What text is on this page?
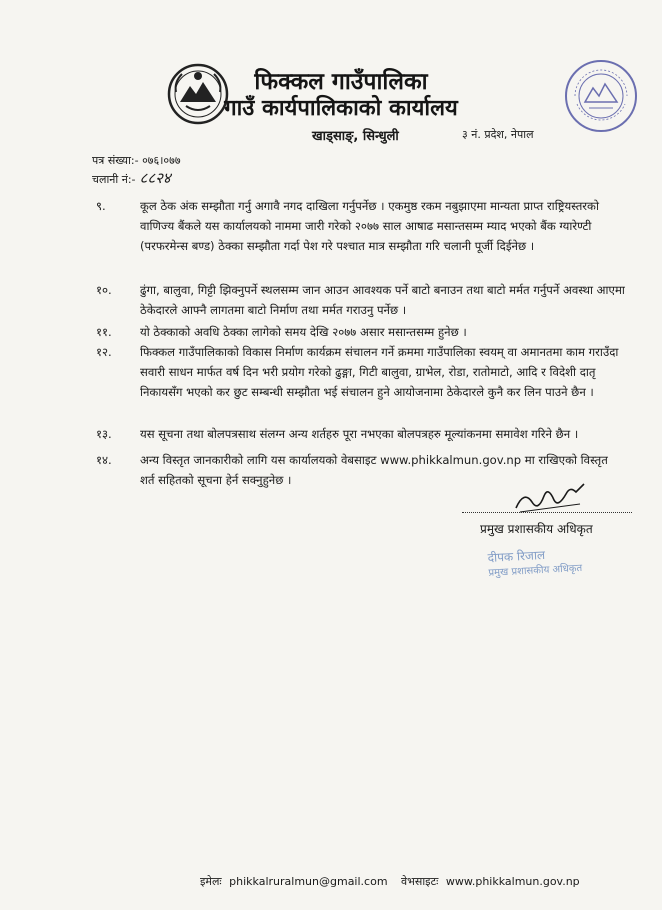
फिक्कल गाउँपालिका
गाउँ कार्यपालिकाको कार्यालय
खाड्साङ्, सिन्धुली	३ नं. प्रदेश, नेपाल
पत्र संख्या:- ०७६।०७७
चलानी नं:- ८८२४
९.	कूल ठेक अंक सम्झौता गर्नु अगावै नगद दाखिला गर्नुपर्नेछ । एकमुष्ठ रकम नबुझाएमा मान्यता प्राप्त राष्ट्रियस्तरको वाणिज्य बैंकले यस कार्यालयको नाममा जारी गरेको २०७७ साल आषाढ मसान्तसम्म म्याद भएको बैंक ग्यारेण्टी (परफरमेन्स बण्ड) ठेक्का सम्झौता गर्दा पेश गरे पश्चात मात्र सम्झौता गरि चलानी पूर्जी दिईनेछ ।
१०.	ढुंगा, बालुवा, गिट्टी झिक्नुपर्ने स्थलसम्म जान आउन आवश्यक पर्ने बाटो बनाउन तथा बाटो मर्मत गर्नुपर्ने अवस्था आएमा ठेकेदारले आफ्नै लागतमा बाटो निर्माण तथा मर्मत गराउनु पर्नेछ ।
११.	यो ठेक्काको अवधि ठेक्का लागेको समय देखि २०७७ असार मसान्तसम्म हुनेछ ।
१२.	फिक्कल गाउँपालिकाको विकास निर्माण कार्यक्रम संचालन गर्ने क्रममा गाउँपालिका स्वयम् वा अमानतमा काम गराउँदा सवारी साधन मार्फत वर्ष दिन भरी प्रयोग गरेको ढुङ्गा, गिटी बालुवा, ग्राभेल, रोडा, रातोमाटो, आदि र विदेशी दातृ निकायसँग भएको कर छुट सम्बन्धी सम्झौता भई संचालन हुने आयोजनामा ठेकेदारले कुनै कर लिन पाउने छैन ।
१३.	यस सूचना तथा बोलपत्रसाथ संलग्न अन्य शर्तहरु पूरा नभएका बोलपत्रहरु मूल्यांकनमा समावेश गरिने छैन ।
१४.	अन्य विस्तृत जानकारीको लागि यस कार्यालयको वेबसाइट www.phikkalmun.gov.np मा राखिएको विस्तृत शर्त सहितको सूचना हेर्न सक्नुहुनेछ ।
प्रमुख प्रशासकीय अधिकृत
दीपक रिजाल
प्रमुख प्रशासकीय अधिकृत
इमेलः phikkalruralmun@gmail.com वेभसाइटः www.phikkalmun.gov.np
